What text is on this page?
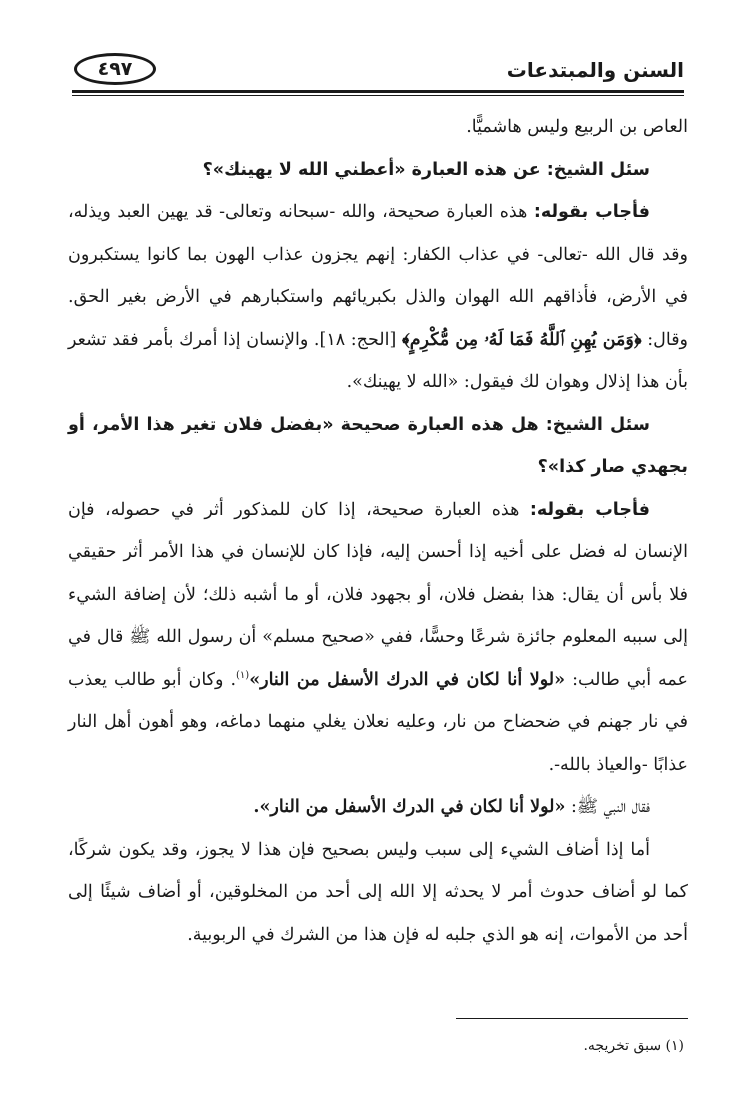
السنن والمبتدعات
٤٩٧

العاص بن الربيع وليس هاشميًّا.

سئل الشيخ: عن هذه العبارة «أعطني الله لا يهينك»؟

فأجاب بقوله: هذه العبارة صحيحة، والله -سبحانه وتعالى- قد يهين العبد ويذله، وقد قال الله -تعالى- في عذاب الكفار: إنهم يجزون عذاب الهون بما كانوا يستكبرون في الأرض، فأذاقهم الله الهوان والذل بكبريائهم واستكبارهم في الأرض بغير الحق. وقال: ﴿وَمَن يُهِنِ ٱللَّهُ فَمَا لَهُۥ مِن مُّكْرِمٍ﴾ [الحج: ١٨]. والإنسان إذا أمرك بأمر فقد تشعر بأن هذا إذلال وهوان لك فيقول: «الله لا يهينك».

سئل الشيخ: هل هذه العبارة صحيحة «بفضل فلان تغير هذا الأمر، أو بجهدي صار كذا»؟

فأجاب بقوله: هذه العبارة صحيحة، إذا كان للمذكور أثر في حصوله، فإن الإنسان له فضل على أخيه إذا أحسن إليه، فإذا كان للإنسان في هذا الأمر أثر حقيقي فلا بأس أن يقال: هذا بفضل فلان، أو بجهود فلان، أو ما أشبه ذلك؛ لأن إضافة الشيء إلى سببه المعلوم جائزة شرعًا وحسًّا، ففي «صحيح مسلم» أن رسول الله ﷺ قال في عمه أبي طالب: «لولا أنا لكان في الدرك الأسفل من النار»$^{(١)}$. وكان أبو طالب يعذب في نار جهنم في ضحضاح من نار، وعليه نعلان يغلي منهما دماغه، وهو أهون أهل النار عذابًا -والعياذ بالله-.

فقال النبي ﷺ: «لولا أنا لكان في الدرك الأسفل من النار».

أما إذا أضاف الشيء إلى سبب وليس بصحيح فإن هذا لا يجوز، وقد يكون شركًا، كما لو أضاف حدوث أمر لا يحدثه إلا الله إلى أحد من المخلوقين، أو أضاف شيئًا إلى أحد من الأموات، إنه هو الذي جلبه له فإن هذا من الشرك في الربوبية.

(١) سبق تخريجه.
